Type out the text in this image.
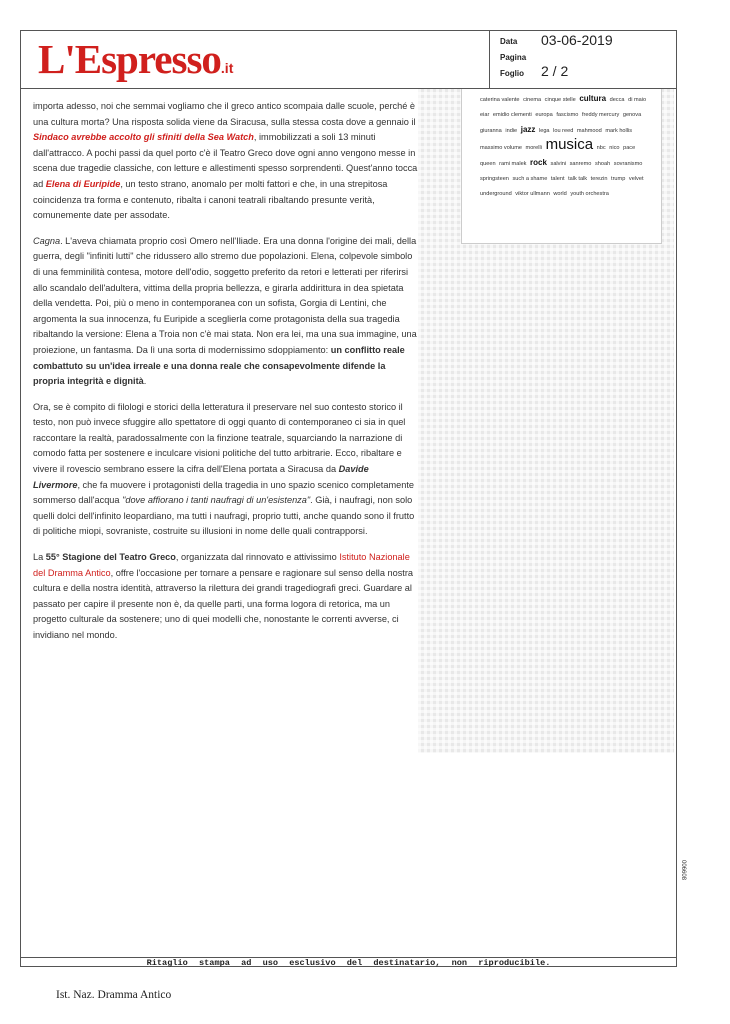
L'Espresso.it
Data 03-06-2019
Pagina
Foglio 2 / 2
caterina valente cinema cinque stelle cultura decca di maio eiar emidio clementi europa fascismo freddy mercury genova giuranna indie jazz lega lou reed mahmood mark hollis massimo volume morelli musica nbc nico pace queen rami malek rock salvini sanremo shoah sovranismo springsteen such a shame talent talk talk terezin trump velvet underground viktor ullmann world youth orchestra

importa adesso, noi che semmai vogliamo che il greco antico scompaia dalle scuole, perché è una cultura morta? Una risposta solida viene da Siracusa, sulla stessa costa dove a gennaio il Sindaco avrebbe accolto gli sfiniti della Sea Watch, immobilizzati a soli 13 minuti dall'attracco. A pochi passi da quel porto c'è il Teatro Greco dove ogni anno vengono messe in scena due tragedie classiche, con letture e allestimenti spesso sorprendenti. Quest'anno tocca ad Elena di Euripide, un testo strano, anomalo per molti fattori e che, in una strepitosa coincidenza tra forma e contenuto, ribalta i canoni teatrali ribaltando presunte verità, comunemente date per assodate.

Cagna. L'aveva chiamata proprio così Omero nell'Iliade. Era una donna l'origine dei mali, della guerra, degli "infiniti lutti" che ridussero allo stremo due popolazioni. Elena, colpevole simbolo di una femminilità contesa, motore dell'odio, soggetto preferito da retori e letterati per riferirsi allo scandalo dell'adultera, vittima della propria bellezza, e girarla addirittura in dea spietata della vendetta. Poi, più o meno in contemporanea con un sofista, Gorgia di Lentini, che argomenta la sua innocenza, fu Euripide a sceglierla come protagonista della sua tragedia ribaltando la versione: Elena a Troia non c'è mai stata. Non era lei, ma una sua immagine, una proiezione, un fantasma. Da lì una sorta di modernissimo sdoppiamento: un conflitto reale combattuto su un'idea irreale e una donna reale che consapevolmente difende la propria integrità e dignità.

Ora, se è compito di filologi e storici della letteratura il preservare nel suo contesto storico il testo, non può invece sfuggire allo spettatore di oggi quanto di contemporaneo ci sia in quel raccontare la realtà, paradossalmente con la finzione teatrale, squarciando la narrazione di comodo fatta per sostenere e inculcare visioni politiche del tutto arbitrarie. Ecco, ribaltare e vivere il rovescio sembrano essere la cifra dell'Elena portata a Siracusa da Davide Livermore, che fa muovere i protagonisti della tragedia in uno spazio scenico completamente sommerso dall'acqua "dove affiorano i tanti naufragi di un'esistenza". Già, i naufragi, non solo quelli dolci dell'infinito leopardiano, ma tutti i naufragi, proprio tutti, anche quando sono il frutto di politiche miopi, sovraniste, costruite su illusioni in nome delle quali contrapporsi.

La 55° Stagione del Teatro Greco, organizzata dal rinnovato e attivissimo Istituto Nazionale del Dramma Antico, offre l'occasione per tornare a pensare e ragionare sul senso della nostra cultura e della nostra identità, attraverso la rilettura dei grandi tragediografi greci. Guardare al passato per capire il presente non è, da quelle parti, una forma logora di retorica, ma un progetto culturale da sostenere; uno di quei modelli che, nonostante le correnti avverse, ci invidiano nel mondo.

006608
Ritaglio stampa ad uso esclusivo del destinatario, non riproducibile.
Ist. Naz. Dramma Antico
